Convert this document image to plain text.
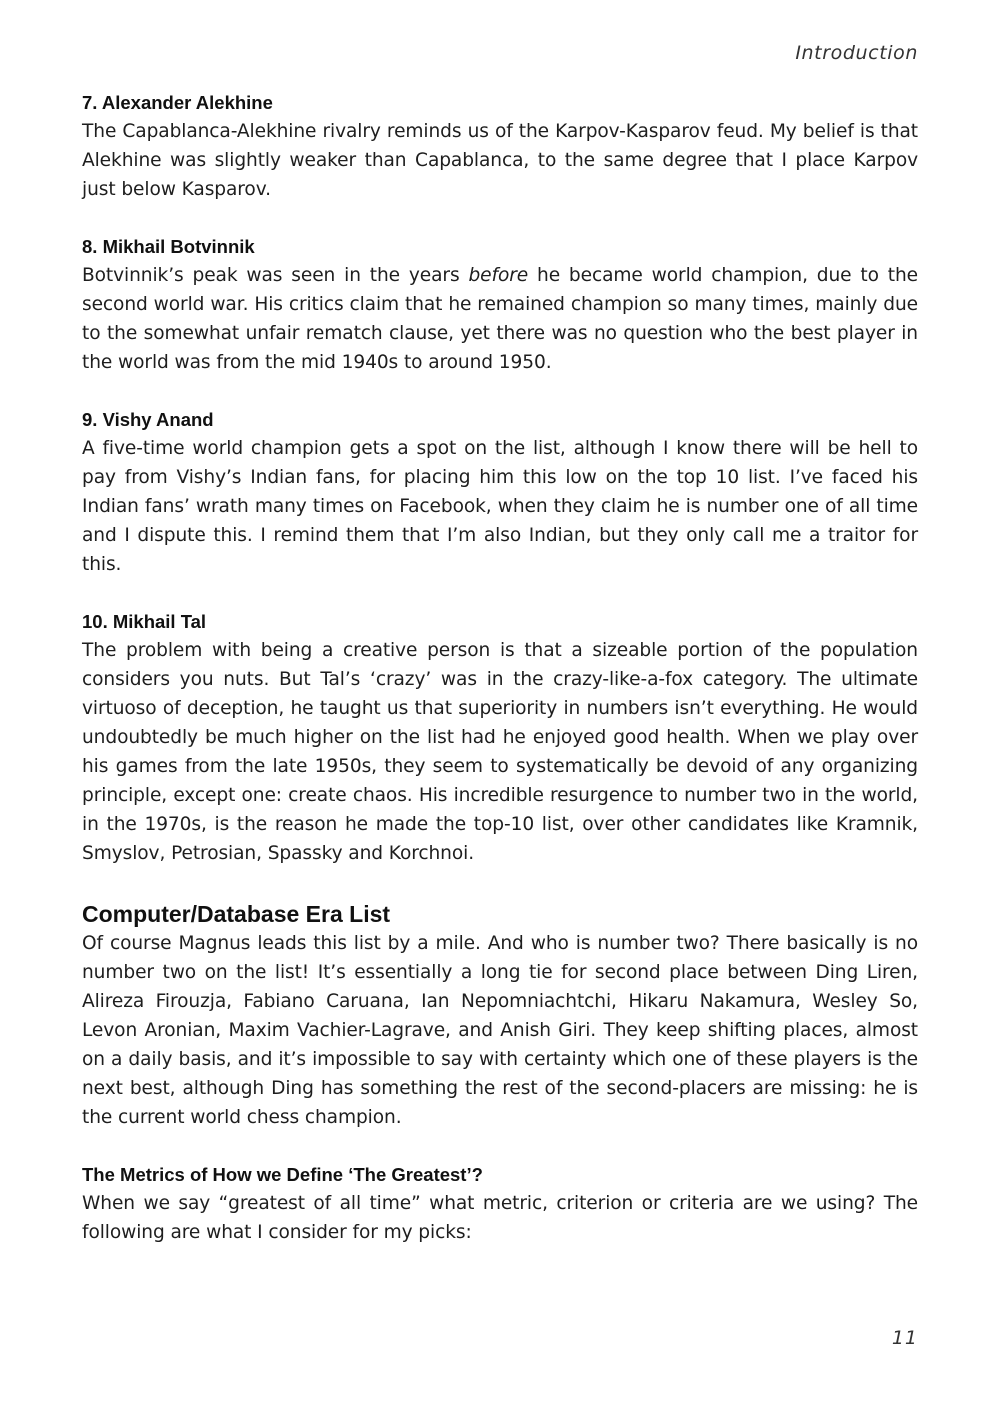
Introduction

7. Alexander Alekhine

The Capablanca-Alekhine rivalry reminds us of the Karpov-Kasparov feud. My belief is that Alekhine was slightly weaker than Capablanca, to the same degree that I place Karpov just below Kasparov.

8. Mikhail Botvinnik

Botvinnik’s peak was seen in the years before he became world champion, due to the second world war. His critics claim that he remained champion so many times, mainly due to the somewhat unfair rematch clause, yet there was no question who the best player in the world was from the mid 1940s to around 1950.

9. Vishy Anand

A five-time world champion gets a spot on the list, although I know there will be hell to pay from Vishy’s Indian fans, for placing him this low on the top 10 list. I’ve faced his Indian fans’ wrath many times on Facebook, when they claim he is number one of all time and I dispute this. I remind them that I’m also Indian, but they only call me a traitor for this.

10. Mikhail Tal

The problem with being a creative person is that a sizeable portion of the population considers you nuts. But Tal’s ‘crazy’ was in the crazy-like-a-fox category. The ultimate virtuoso of deception, he taught us that superiority in numbers isn’t everything. He would undoubtedly be much higher on the list had he enjoyed good health. When we play over his games from the late 1950s, they seem to systematically be devoid of any organizing principle, except one: create chaos. His incredible resurgence to number two in the world, in the 1970s, is the reason he made the top-10 list, over other candidates like Kramnik, Smyslov, Petrosian, Spassky and Korchnoi.

Computer/Database Era List

Of course Magnus leads this list by a mile. And who is number two? There basically is no number two on the list! It’s essentially a long tie for second place between Ding Liren, Alireza Firouzja, Fabiano Caruana, Ian Nepomniachtchi, Hikaru Nakamura, Wesley So, Levon Aronian, Maxim Vachier-Lagrave, and Anish Giri. They keep shifting places, almost on a daily basis, and it’s impossible to say with certainty which one of these players is the next best, although Ding has something the rest of the second-placers are missing: he is the current world chess champion.

The Metrics of How we Define ‘The Greatest’?

When we say “greatest of all time” what metric, criterion or criteria are we using? The following are what I consider for my picks:

11
